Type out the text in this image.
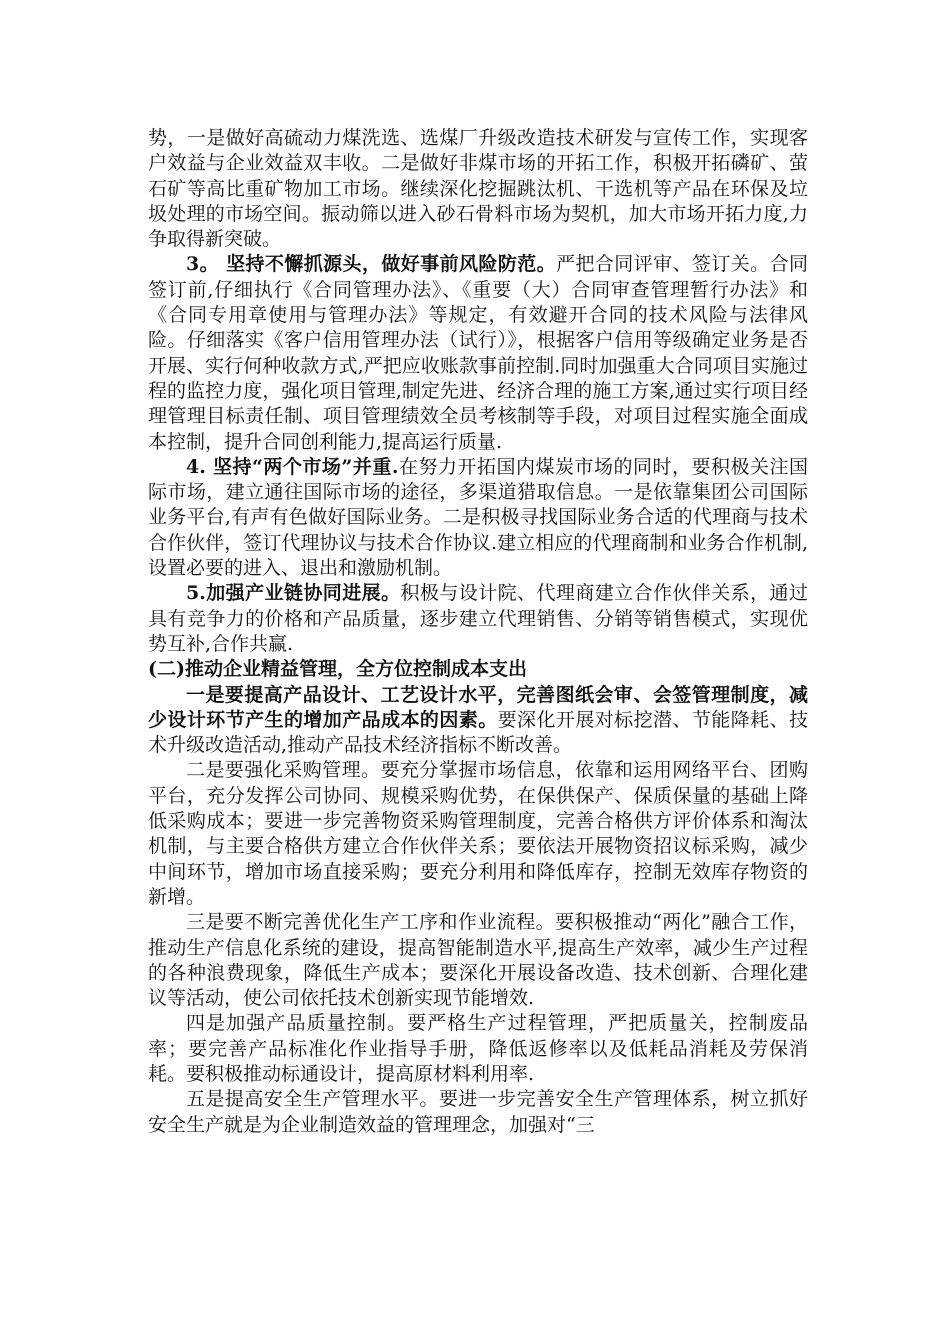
势，一是做好高硫动力煤洗选、选煤厂升级改造技术研发与宣传工作，实现客户效益与企业效益双丰收。二是做好非煤市场的开拓工作，积极开拓磷矿、萤石矿等高比重矿物加工市场。继续深化挖掘跳汰机、干选机等产品在环保及垃圾处理的市场空间。振动筛以进入砂石骨料市场为契机，加大市场开拓力度,力争取得新突破。

3。 坚持不懈抓源头，做好事前风险防范。严把合同评审、签订关。合同签订前,仔细执行《合同管理办法》、《重要（大）合同审查管理暂行办法》和《合同专用章使用与管理办法》等规定，有效避开合同的技术风险与法律风险。仔细落实《客户信用管理办法（试行）》，根据客户信用等级确定业务是否开展、实行何种收款方式,严把应收账款事前控制.同时加强重大合同项目实施过程的监控力度，强化项目管理,制定先进、经济合理的施工方案,通过实行项目经理管理目标责任制、项目管理绩效全员考核制等手段，对项目过程实施全面成本控制，提升合同创利能力,提高运行质量.

4. 坚持“两个市场”并重.在努力开拓国内煤炭市场的同时，要积极关注国际市场，建立通往国际市场的途径，多渠道猎取信息。一是依靠集团公司国际业务平台,有声有色做好国际业务。二是积极寻找国际业务合适的代理商与技术合作伙伴，签订代理协议与技术合作协议.建立相应的代理商制和业务合作机制,设置必要的进入、退出和激励机制。

5.加强产业链协同进展。积极与设计院、代理商建立合作伙伴关系，通过具有竞争力的价格和产品质量，逐步建立代理销售、分销等销售模式，实现优势互补,合作共赢.

(二)推动企业精益管理，全方位控制成本支出

一是要提高产品设计、工艺设计水平，完善图纸会审、会签管理制度，减少设计环节产生的增加产品成本的因素。要深化开展对标挖潜、节能降耗、技术升级改造活动,推动产品技术经济指标不断改善。

二是要强化采购管理。要充分掌握市场信息，依靠和运用网络平台、团购平台，充分发挥公司协同、规模采购优势，在保供保产、保质保量的基础上降低采购成本；要进一步完善物资采购管理制度，完善合格供方评价体系和淘汰机制，与主要合格供方建立合作伙伴关系；要依法开展物资招议标采购，减少中间环节，增加市场直接采购；要充分利用和降低库存，控制无效库存物资的新增。

三是要不断完善优化生产工序和作业流程。要积极推动“两化”融合工作，推动生产信息化系统的建设，提高智能制造水平,提高生产效率，减少生产过程的各种浪费现象，降低生产成本；要深化开展设备改造、技术创新、合理化建议等活动，使公司依托技术创新实现节能增效.

四是加强产品质量控制。要严格生产过程管理，严把质量关，控制废品率；要完善产品标准化作业指导手册，降低返修率以及低耗品消耗及劳保消耗。要积极推动标通设计，提高原材料利用率.

五是提高安全生产管理水平。要进一步完善安全生产管理体系，树立抓好安全生产就是为企业制造效益的管理理念，加强对“三
